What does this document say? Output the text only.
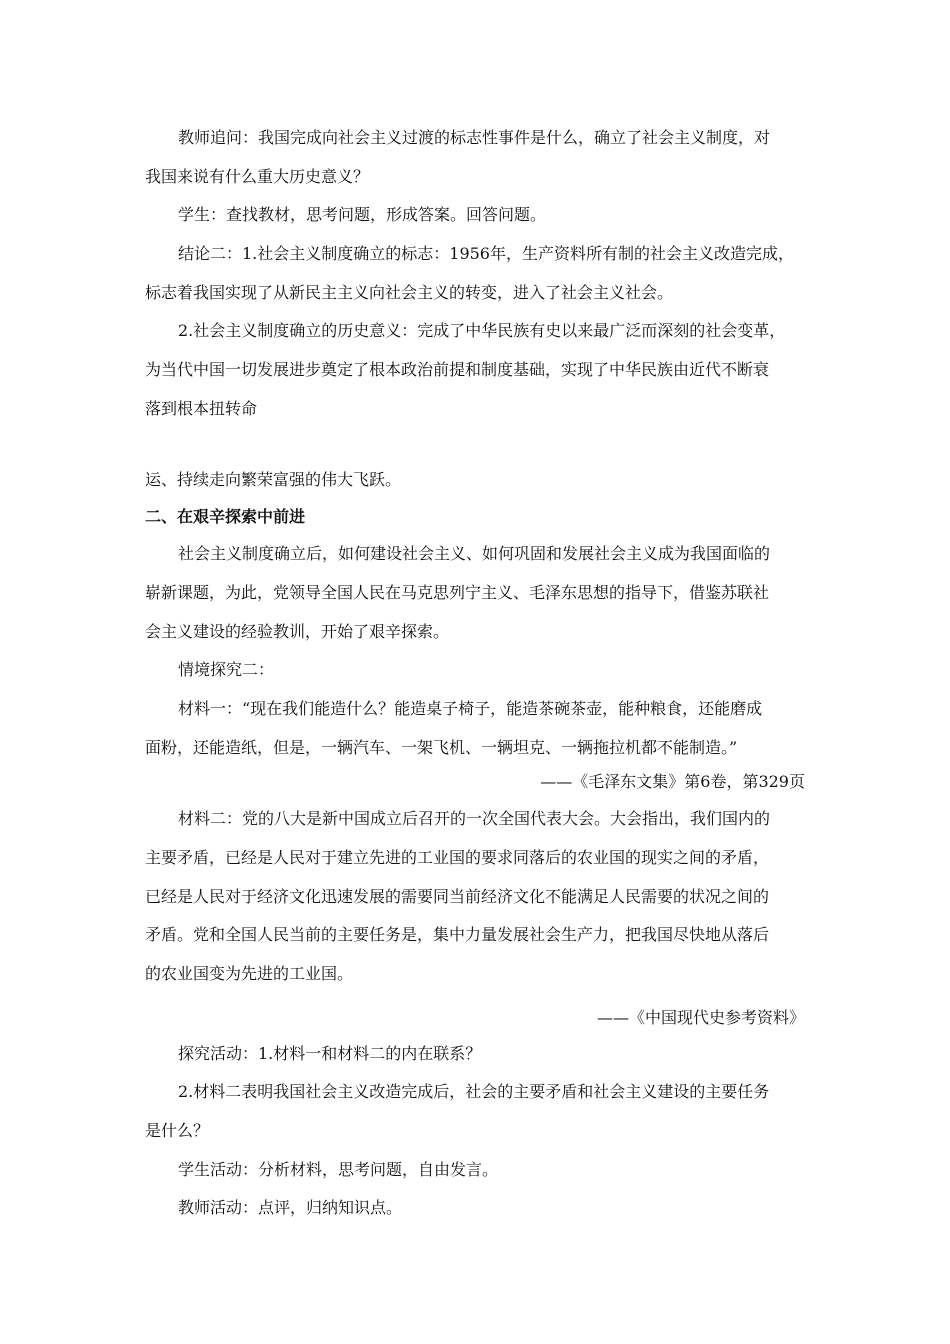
教师追问：我国完成向社会主义过渡的标志性事件是什么，确立了社会主义制度，对
我国来说有什么重大历史意义？
学生：查找教材，思考问题，形成答案。回答问题。
结论二：1.社会主义制度确立的标志：1956年，生产资料所有制的社会主义改造完成，
标志着我国实现了从新民主主义向社会主义的转变，进入了社会主义社会。
2.社会主义制度确立的历史意义：完成了中华民族有史以来最广泛而深刻的社会变革，
为当代中国一切发展进步奠定了根本政治前提和制度基础，实现了中华民族由近代不断衰
落到根本扭转命
运、持续走向繁荣富强的伟大飞跃。
二、在艰辛探索中前进
社会主义制度确立后，如何建设社会主义、如何巩固和发展社会主义成为我国面临的
崭新课题，为此，党领导全国人民在马克思列宁主义、毛泽东思想的指导下，借鉴苏联社
会主义建设的经验教训，开始了艰辛探索。
情境探究二：
材料一：“现在我们能造什么？能造桌子椅子，能造茶碗茶壶，能种粮食，还能磨成
面粉，还能造纸，但是，一辆汽车、一架飞机、一辆坦克、一辆拖拉机都不能制造。”
——《毛泽东文集》第6卷，第329页
材料二：党的八大是新中国成立后召开的一次全国代表大会。大会指出，我们国内的
主要矛盾，已经是人民对于建立先进的工业国的要求同落后的农业国的现实之间的矛盾，
已经是人民对于经济文化迅速发展的需要同当前经济文化不能满足人民需要的状况之间的
矛盾。党和全国人民当前的主要任务是，集中力量发展社会生产力，把我国尽快地从落后
的农业国变为先进的工业国。
——《中国现代史参考资料》
探究活动：1.材料一和材料二的内在联系？
2.材料二表明我国社会主义改造完成后，社会的主要矛盾和社会主义建设的主要任务
是什么？
学生活动：分析材料，思考问题，自由发言。
教师活动：点评，归纳知识点。
